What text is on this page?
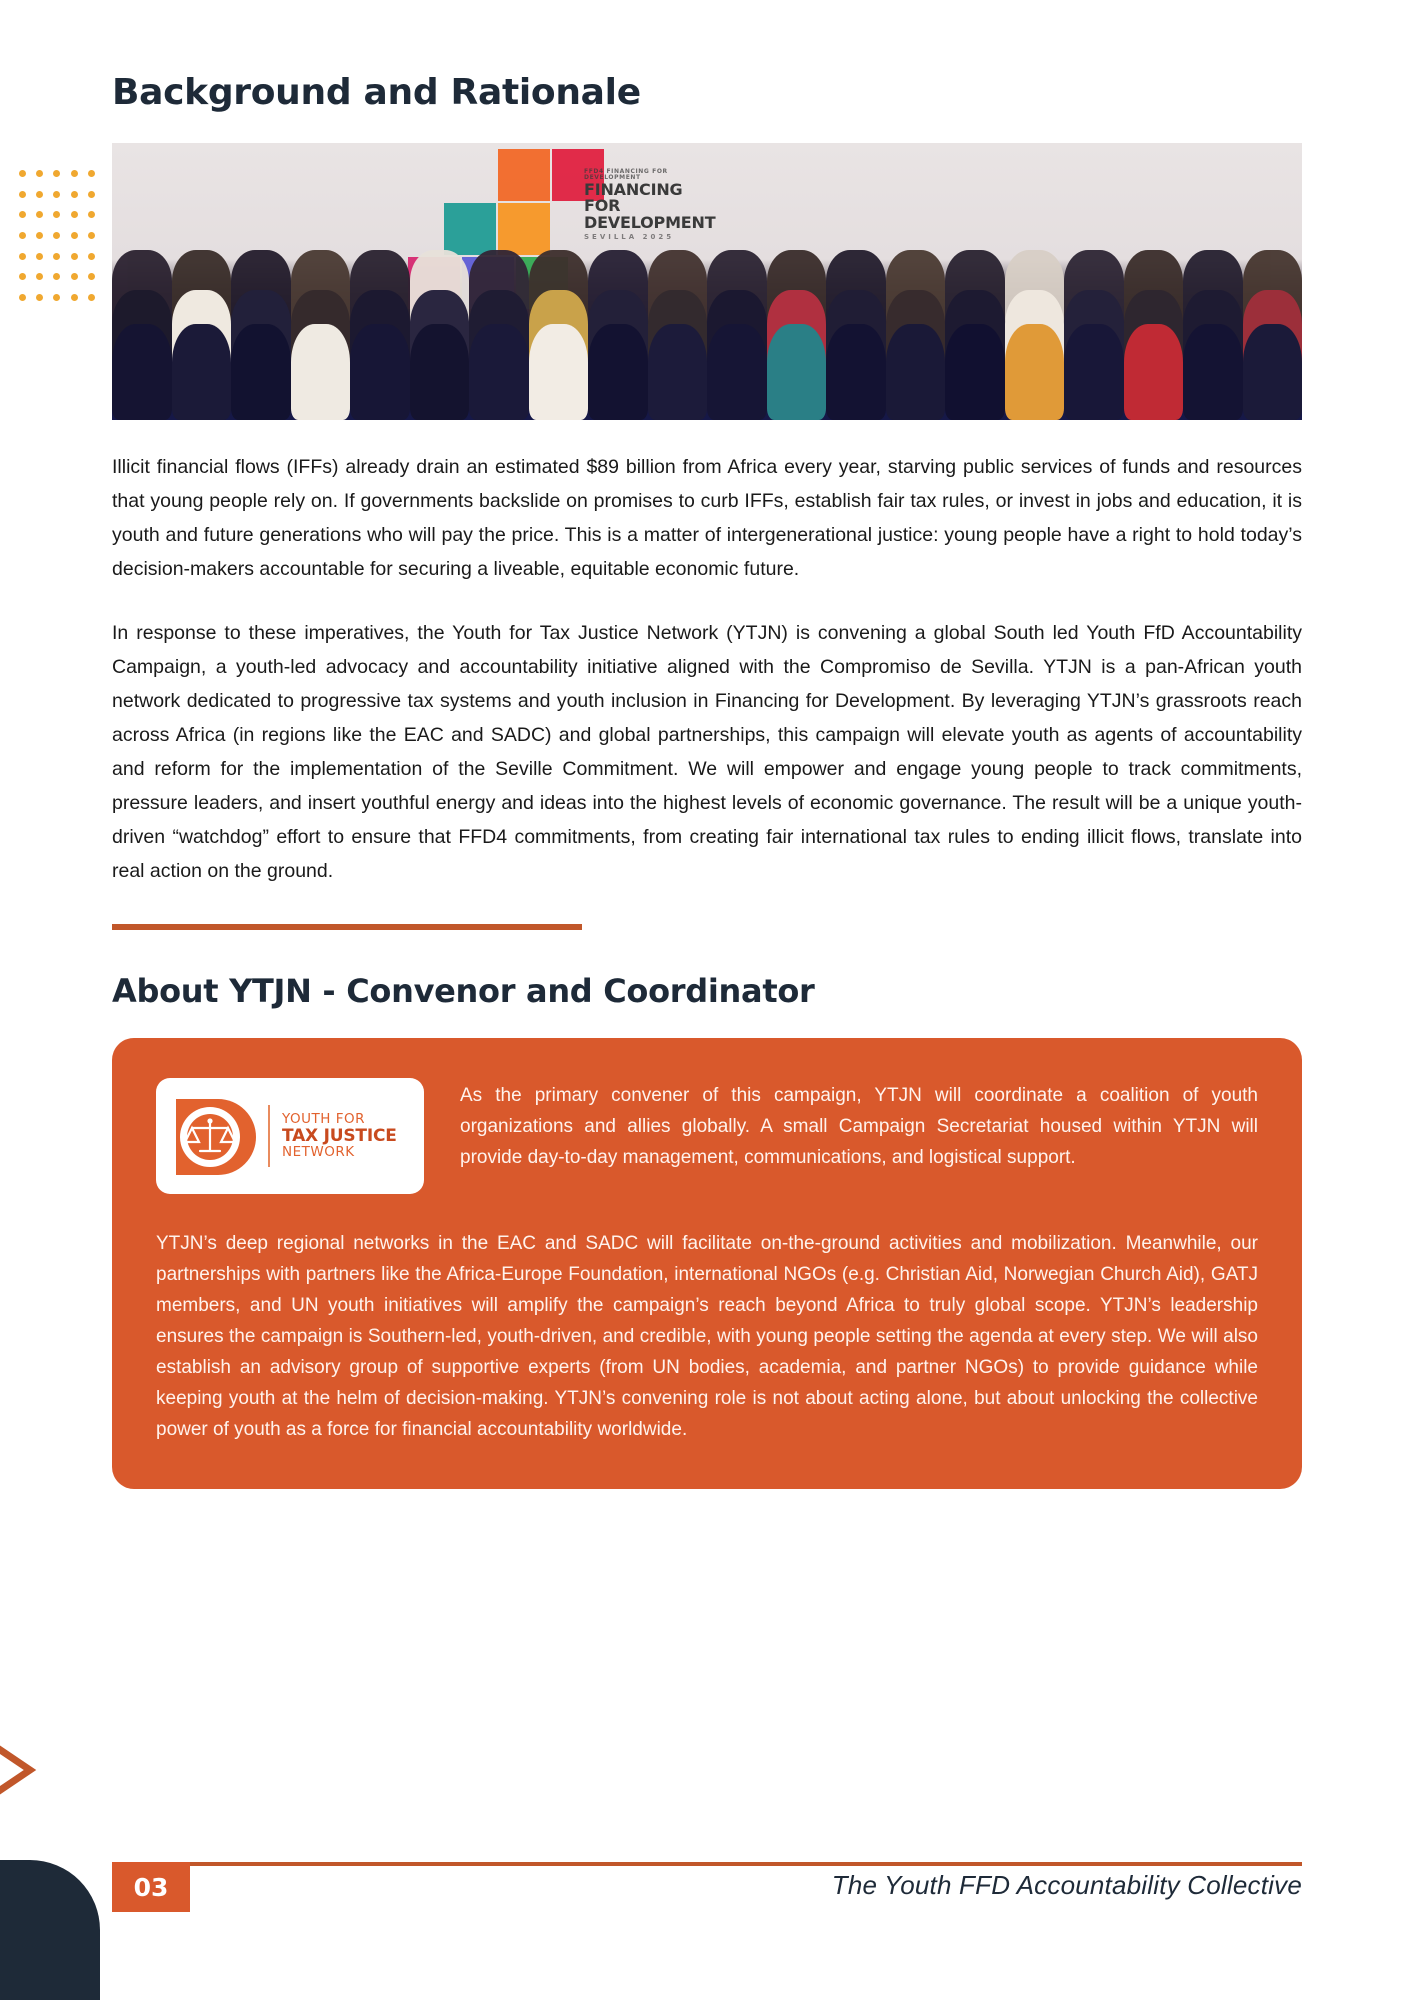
Background and Rationale
FFD4 FINANCING FOR DEVELOPMENT
FINANCING FOR
DEVELOPMENT
SEVILLA 2025

Illicit financial flows (IFFs) already drain an estimated $89 billion from Africa every year, starving public services of funds and resources that young people rely on. If governments backslide on promises to curb IFFs, establish fair tax rules, or invest in jobs and education, it is youth and future generations who will pay the price. This is a matter of intergenerational justice: young people have a right to hold today’s decision-makers accountable for securing a liveable, equitable economic future.

In response to these imperatives, the Youth for Tax Justice Network (YTJN) is convening a global South led Youth FfD Accountability Campaign, a youth-led advocacy and accountability initiative aligned with the Compromiso de Sevilla. YTJN is a pan-African youth network dedicated to progressive tax systems and youth inclusion in Financing for Development. By leveraging YTJN’s grassroots reach across Africa (in regions like the EAC and SADC) and global partnerships, this campaign will elevate youth as agents of accountability and reform for the implementation of the Seville Commitment. We will empower and engage young people to track commitments, pressure leaders, and insert youthful energy and ideas into the highest levels of economic governance. The result will be a unique youth-driven “watchdog” effort to ensure that FFD4 commitments, from creating fair international tax rules to ending illicit flows, translate into real action on the ground.

About YTJN - Convenor and Coordinator
YOUTH FOR
TAX JUSTICE
NETWORK

As the primary convener of this campaign, YTJN will coordinate a coalition of youth organizations and allies globally. A small Campaign Secretariat housed within YTJN will provide day-to-day management, communications, and logistical support.

YTJN’s deep regional networks in the EAC and SADC will facilitate on-the-ground activities and mobilization. Meanwhile, our partnerships with partners like the Africa-Europe Foundation, international NGOs (e.g. Christian Aid, Norwegian Church Aid), GATJ members, and UN youth initiatives will amplify the campaign’s reach beyond Africa to truly global scope. YTJN’s leadership ensures the campaign is Southern-led, youth-driven, and credible, with young people setting the agenda at every step. We will also establish an advisory group of supportive experts (from UN bodies, academia, and partner NGOs) to provide guidance while keeping youth at the helm of decision-making. YTJN’s convening role is not about acting alone, but about unlocking the collective power of youth as a force for financial accountability worldwide.
03	The Youth FFD Accountability Collective
